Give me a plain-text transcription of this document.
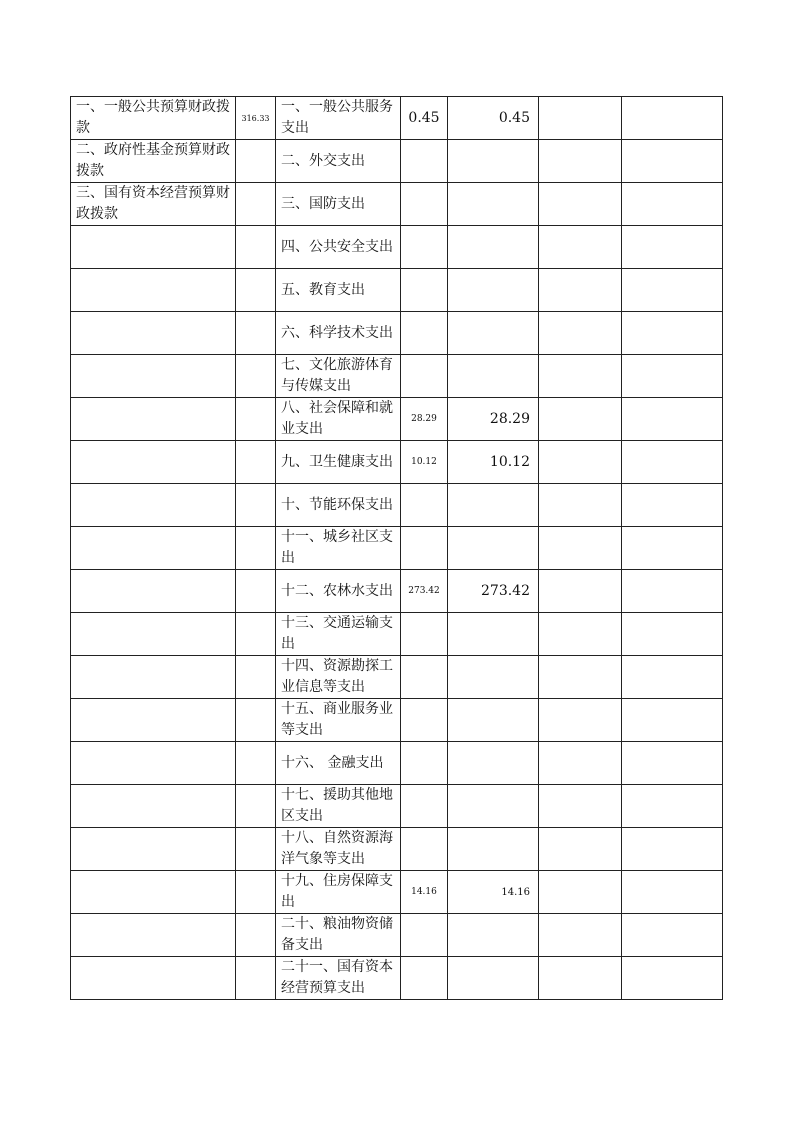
一、一般公共预算财政拨款	316.33	一、一般公共服务支出	0.45	0.45		
二、政府性基金预算财政拨款		二、外交支出				
三、国有资本经营预算财政拨款		三、国防支出				
		四、公共安全支出				
		五、教育支出				
		六、科学技术支出				
		七、文化旅游体育与传媒支出				
		八、社会保障和就业支出	28.29	28.29		
		九、卫生健康支出	10.12	10.12		
		十、节能环保支出				
		十一、城乡社区支出				
		十二、农林水支出	273.42	273.42		
		十三、交通运输支出				
		十四、资源勘探工业信息等支出				
		十五、商业服务业等支出				
		十六、 金融支出				
		十七、援助其他地区支出				
		十八、自然资源海洋气象等支出				
		十九、住房保障支出	14.16	14.16		
		二十、粮油物资储备支出				
		二十一、国有资本经营预算支出				
